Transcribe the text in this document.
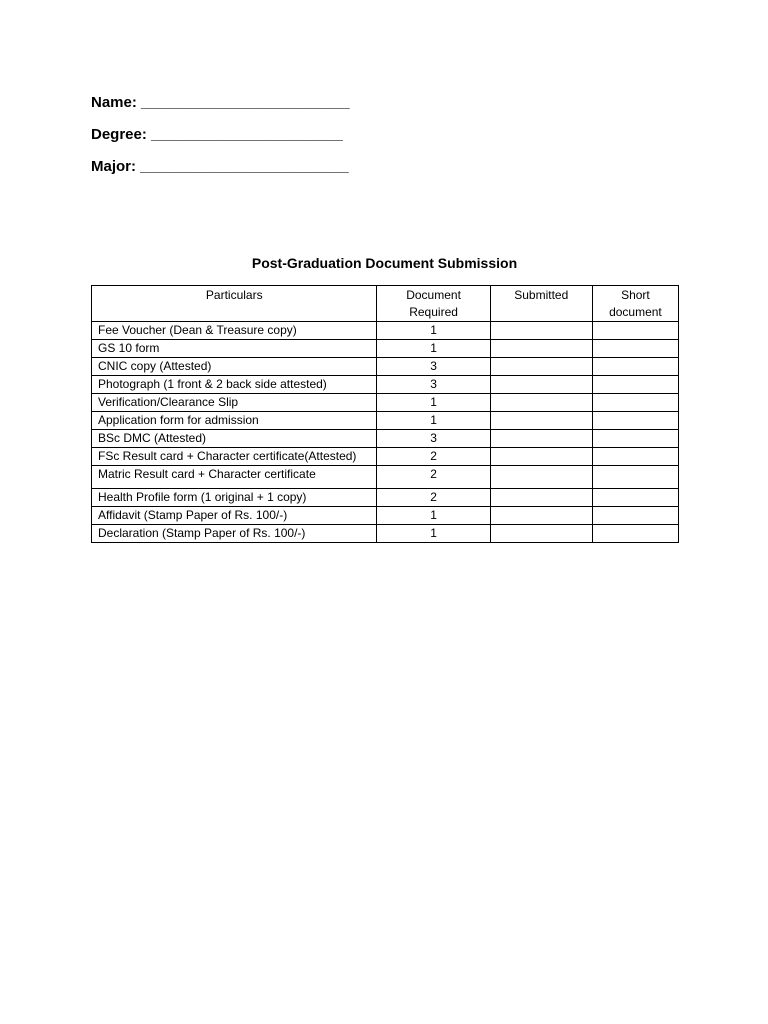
Name: _________________________
Degree: _______________________
Major: _________________________
Post-Graduation Document Submission
Particulars	Document Required	Submitted	Short document
Fee Voucher (Dean & Treasure copy)	1		
GS 10 form	1		
CNIC copy (Attested)	3		
Photograph (1 front & 2 back side attested)	3		
Verification/Clearance Slip	1		
Application form for admission	1		
BSc DMC (Attested)	3		
FSc Result card + Character certificate(Attested)	2		
Matric Result card + Character certificate	2		
Health Profile form (1 original + 1 copy)	2		
Affidavit (Stamp Paper of Rs. 100/-)	1		
Declaration (Stamp Paper of Rs. 100/-)	1		
